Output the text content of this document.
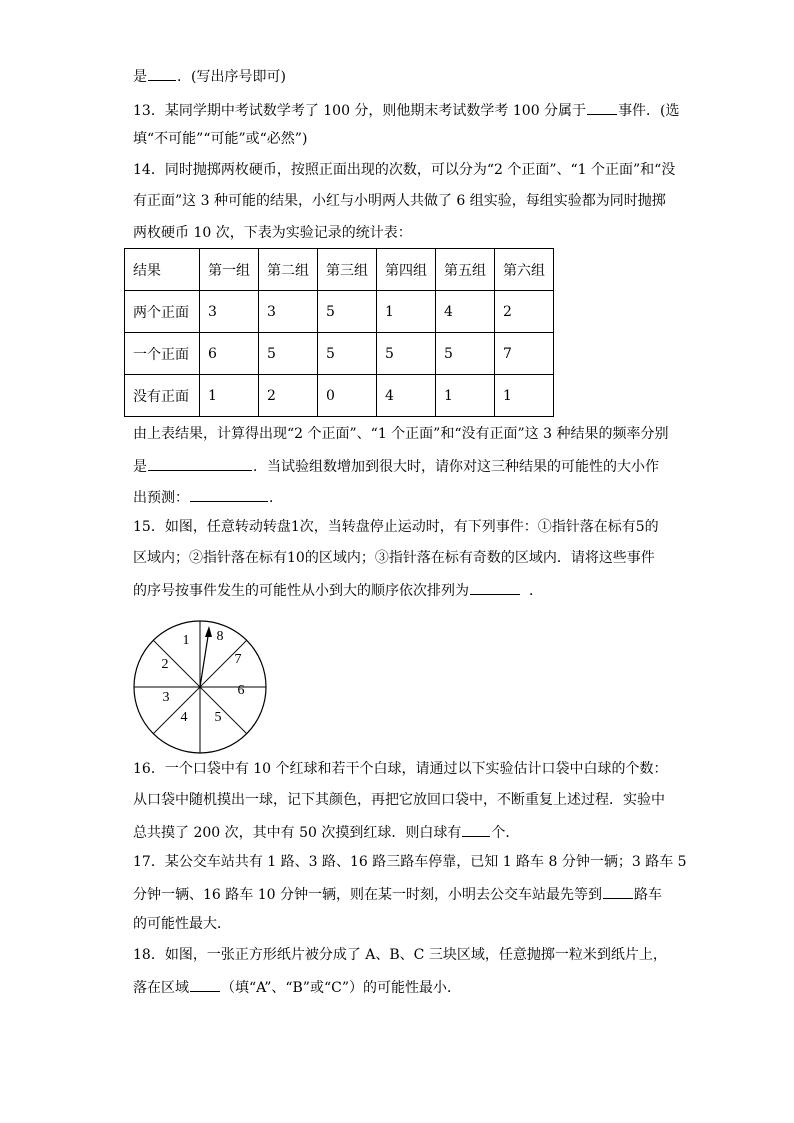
是 ．(写出序号即可)
13．某同学期中考试数学考了 100 分，则他期末考试数学考 100 分属于 事件．(选
填“不可能”“可能”或“必然”)
14．同时抛掷两枚硬币，按照正面出现的次数，可以分为“2 个正面”、“1 个正面”和“没
有正面”这 3 种可能的结果，小红与小明两人共做了 6 组实验，每组实验都为同时抛掷
两枚硬币 10 次，下表为实验记录的统计表：
结果	第一组	第二组	第三组	第四组	第五组	第六组
两个正面	3	3	5	1	4	2
一个正面	6	5	5	5	5	7
没有正面	1	2	0	4	1	1
由上表结果，计算得出现“2 个正面”、“1 个正面”和“没有正面”这 3 种结果的频率分别
是	．当试验组数增加到很大时，请你对这三种结果的可能性的大小作
出预测：	．
15．如图，任意转动转盘1次，当转盘停止运动时，有下列事件：①指针落在标有5的
区域内；②指针落在标有10的区域内；③指针落在标有奇数的区域内．请将这些事件
的序号按事件发生的可能性从小到大的顺序依次排列为	．
1
2
3
4 5
6
7
8
16．一个口袋中有 10 个红球和若干个白球，请通过以下实验估计口袋中白球的个数：
从口袋中随机摸出一球，记下其颜色，再把它放回口袋中，不断重复上述过程．实验中
总共摸了 200 次，其中有 50 次摸到红球．则白球有 个．
17．某公交车站共有 1 路、3 路、16 路三路车停靠，已知 1 路车 8 分钟一辆；3 路车 5
分钟一辆、16 路车 10 分钟一辆，则在某一时刻，小明去公交车站最先等到 路车
的可能性最大．
18．如图，一张正方形纸片被分成了 A、B、C 三块区域，任意抛掷一粒米到纸片上，
落在区域 （填“A”、“B”或“C”）的可能性最小．
